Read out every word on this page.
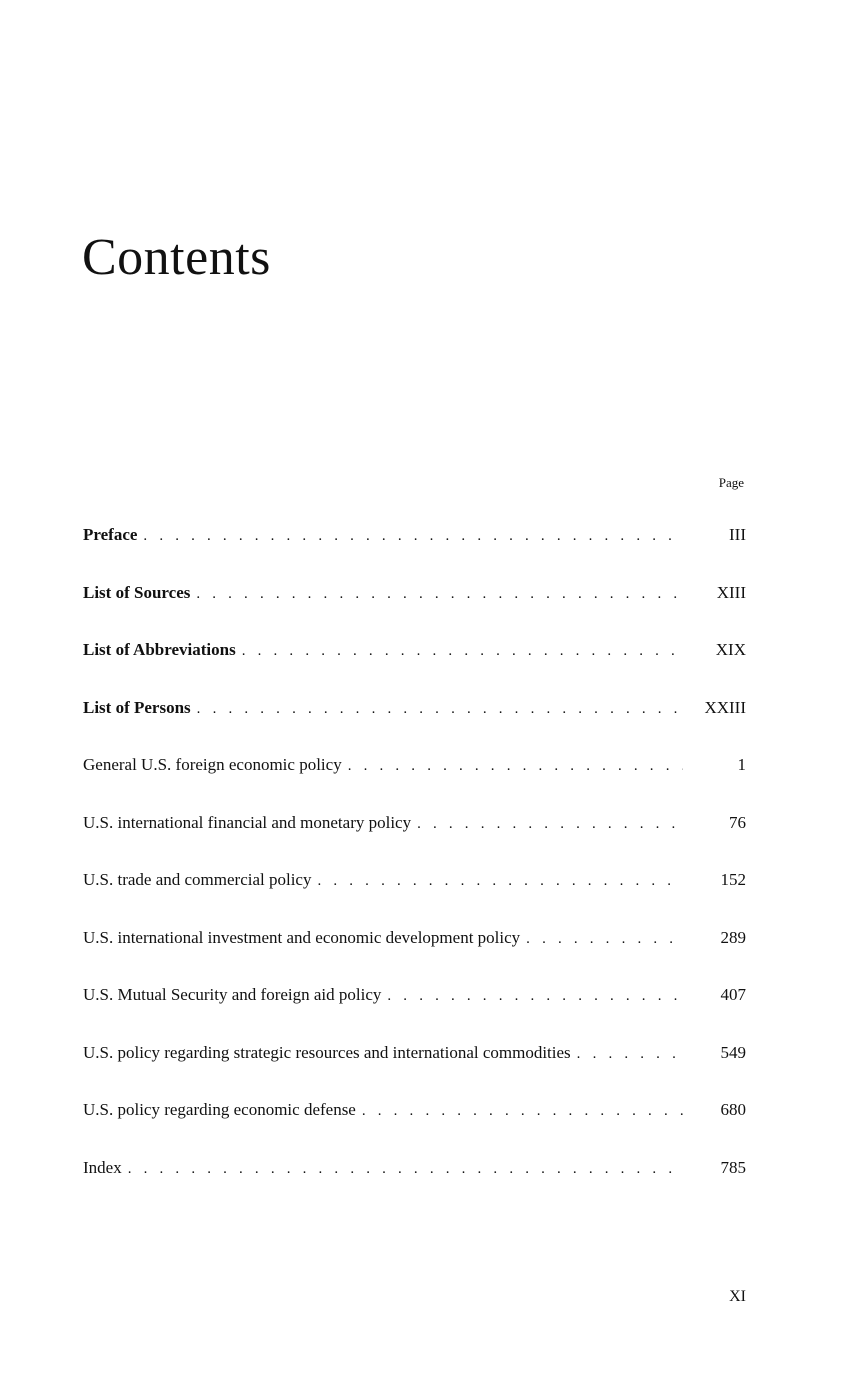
Contents
Page
Preface . . .	III
List of Sources . . .	XIII
List of Abbreviations . . .	XIX
List of Persons . . .	XXIII
General U.S. foreign economic policy . . .	1
U.S. international financial and monetary policy . . .	76
U.S. trade and commercial policy . . .	152
U.S. international investment and economic development policy . . .	289
U.S. Mutual Security and foreign aid policy . . .	407
U.S. policy regarding strategic resources and international commodities . . .	549
U.S. policy regarding economic defense . . .	680
Index . . .	785
XI
